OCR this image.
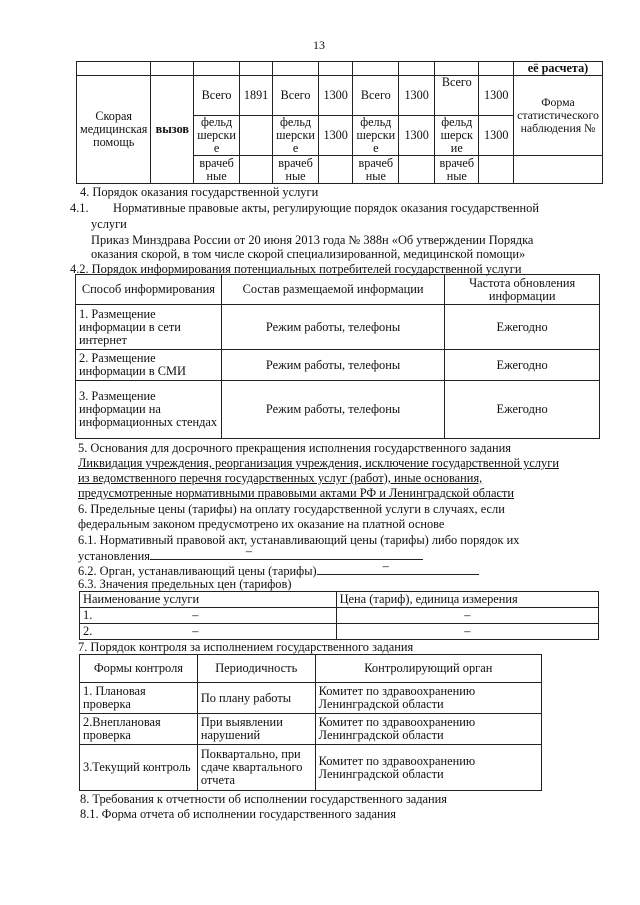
13
										её расчета)
Скорая медицинская помощь	вызов	Всего	1891	Всего	1300	Всего	1300	Всего	1300	Форма статистического наблюдения №
		фельдшерские		фельдшерские	1300	фельдшерские	1300	фельдшерские	1300	
		врачебные		врачебные		врачебные		врачебные		
4. Порядок оказания государственной услуги
4.1. Нормативные правовые акты, регулирующие порядок оказания государственной
услуги
Приказ Минздрава России от 20 июня 2013 года № 388н «Об утверждении Порядка
оказания скорой, в том числе скорой специализированной, медицинской помощи»
4.2. Порядок информирования потенциальных потребителей государственной услуги
Способ информирования	Состав размещаемой информации	Частота обновления информации
1. Размещение информации в сети интернет	Режим работы, телефоны	Ежегодно
2. Размещение информации в СМИ	Режим работы, телефоны	Ежегодно
3. Размещение информации на информационных стендах	Режим работы, телефоны	Ежегодно
5. Основания для досрочного прекращения исполнения государственного задания
Ликвидация учреждения, реорганизация учреждения, исключение государственной услуги
из ведомственного перечня государственных услуг (работ), иные основания,
предусмотренные нормативными правовыми актами РФ и Ленинградской области
6. Предельные цены (тарифы) на оплату государственной услуги в случаях, если
федеральным законом предусмотрено их оказание на платной основе
6.1. Нормативный правовой акт, устанавливающий цены (тарифы) либо порядок их
установления	–
6.2. Орган, устанавливающий цены (тарифы)	–
6.3. Значения предельных цен (тарифов)
Наименование услуги	Цена (тариф), единица измерения
1. –	–
2. –	–
7. Порядок контроля за исполнением государственного задания
Формы контроля	Периодичность	Контролирующий орган
1. Плановая проверка	По плану работы	Комитет по здравоохранению Ленинградской области
2.Внеплановая проверка	При выявлении нарушений	Комитет по здравоохранению Ленинградской области
3.Текущий контроль	Поквартально, при сдаче квартального отчета	Комитет по здравоохранению Ленинградской области
8. Требования к отчетности об исполнении государственного задания
8.1. Форма отчета об исполнении государственного задания
